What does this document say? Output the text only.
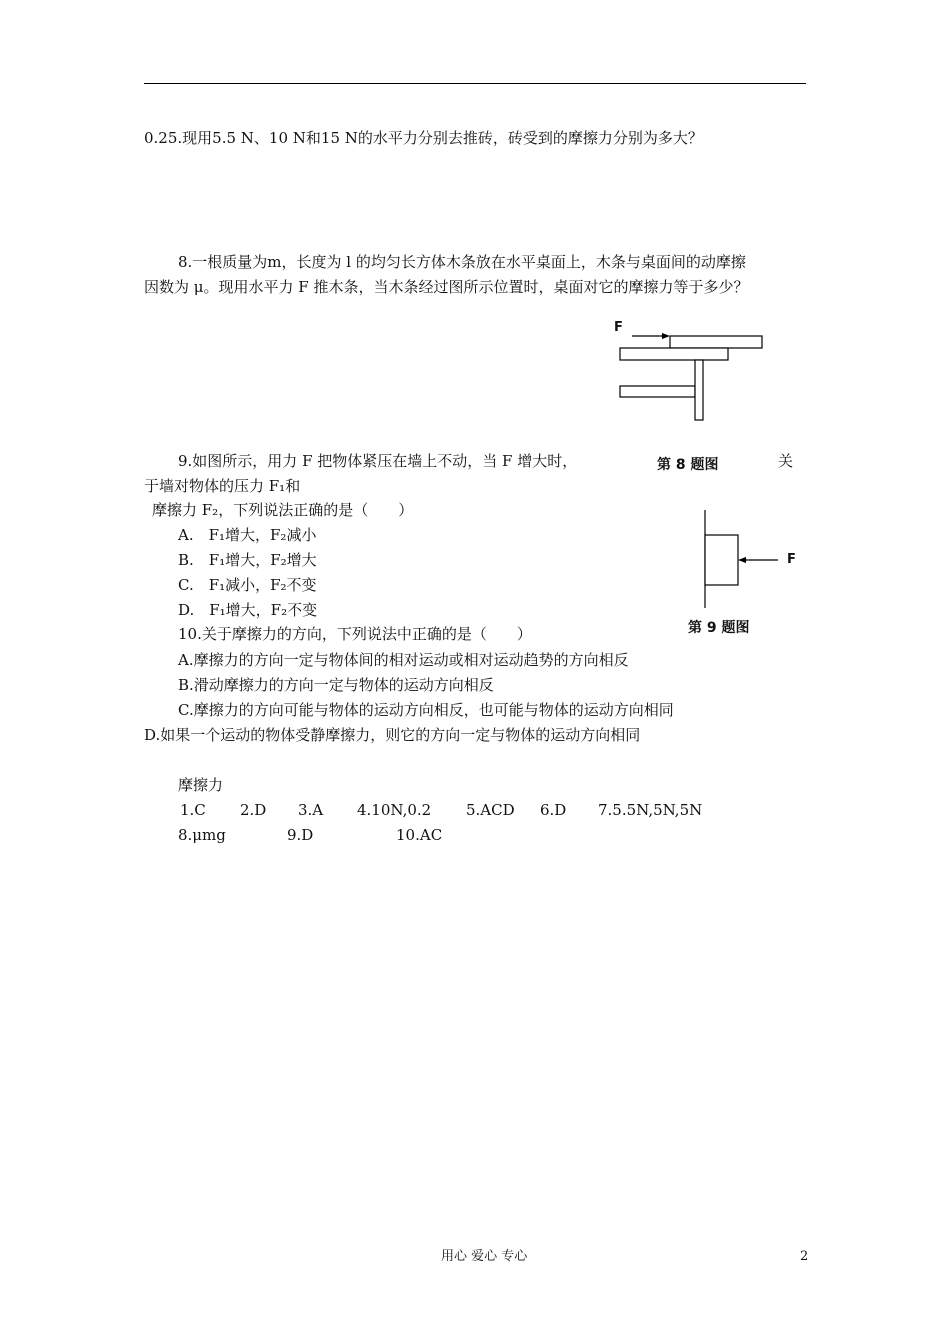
0.25.现用5.5 N、10 N和15 N的水平力分别去推砖，砖受到的摩擦力分别为多大？
8.一根质量为m，长度为 l 的均匀长方体木条放在水平桌面上，木条与桌面间的动摩擦
因数为 μ。现用水平力 F 推木条，当木条经过图所示位置时，桌面对它的摩擦力等于多少？
F
第 8 题图
9.如图所示，用力 F 把物体紧压在墙上不动，当 F 增大时，	关
于墙对物体的压力 F₁和
摩擦力 F₂，下列说法正确的是（　　）
A.　F₁增大，F₂减小
B.　F₁增大，F₂增大
C.　F₁减小，F₂不变
D.　F₁增大，F₂不变
F
第 9 题图
10.关于摩擦力的方向，下列说法中正确的是（　　）
A.摩擦力的方向一定与物体间的相对运动或相对运动趋势的方向相反
B.滑动摩擦力的方向一定与物体的运动方向相反
C.摩擦力的方向可能与物体的运动方向相反，也可能与物体的运动方向相同
D.如果一个运动的物体受静摩擦力，则它的方向一定与物体的运动方向相同
摩擦力
1.C 2.D 3.A 4.10N,0.2 5.ACD 6.D 7.5.5N,5N,5N
8.μmg	9.D	10.AC
用心 爱心 专心	2
